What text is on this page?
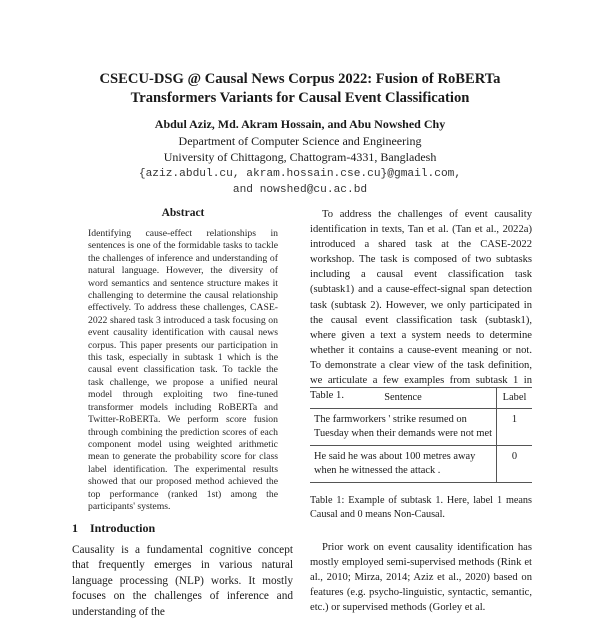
CSECU-DSG @ Causal News Corpus 2022: Fusion of RoBERTa
Transformers Variants for Causal Event Classification
Abdul Aziz, Md. Akram Hossain, and Abu Nowshed Chy
Department of Computer Science and Engineering
University of Chittagong, Chattogram-4331, Bangladesh
{aziz.abdul.cu, akram.hossain.cse.cu}@gmail.com,
and nowshed@cu.ac.bd
Abstract
Identifying cause-effect relationships in sentences is one of the formidable tasks to tackle the challenges of inference and understanding of natural language. However, the diversity of word semantics and sentence structure makes it challenging to determine the causal relationship effectively. To address these challenges, CASE-2022 shared task 3 introduced a task focusing on event causality identification with causal news corpus. This paper presents our participation in this task, especially in subtask 1 which is the causal event classification task. To tackle the task challenge, we propose a unified neural model through exploiting two fine-tuned transformer models including RoBERTa and Twitter-RoBERTa. We perform score fusion through combining the prediction scores of each component model using weighted arithmetic mean to generate the probability score for class label identification. The experimental results showed that our proposed method achieved the top performance (ranked 1st) among the participants' systems.
1 Introduction
Causality is a fundamental cognitive concept that frequently emerges in various natural language processing (NLP) works. It mostly focuses on the challenges of inference and understanding of the
To address the challenges of event causality identification in texts, Tan et al. (Tan et al., 2022a) introduced a shared task at the CASE-2022 workshop. The task is composed of two subtasks including a causal event classification task (subtask1) and a cause-effect-signal span detection task (subtask 2). However, we only participated in the causal event classification task (subtask1), where given a text a system needs to determine whether it contains a cause-event meaning or not. To demonstrate a clear view of the task definition, we articulate a few examples from subtask 1 in Table 1.	Sentence	Label
The farmworkers ' strike resumed on Tuesday when their demands were not met	1
He said he was about 100 metres away when he witnessed the attack .	0
Table 1: Example of subtask 1. Here, label 1 means Causal and 0 means Non-Causal.
Prior work on event causality identification has mostly employed semi-supervised methods (Rink et al., 2010; Mirza, 2014; Aziz et al., 2020) based on features (e.g. psycho-linguistic, syntactic, semantic, etc.) or supervised methods (Gorley et al.
